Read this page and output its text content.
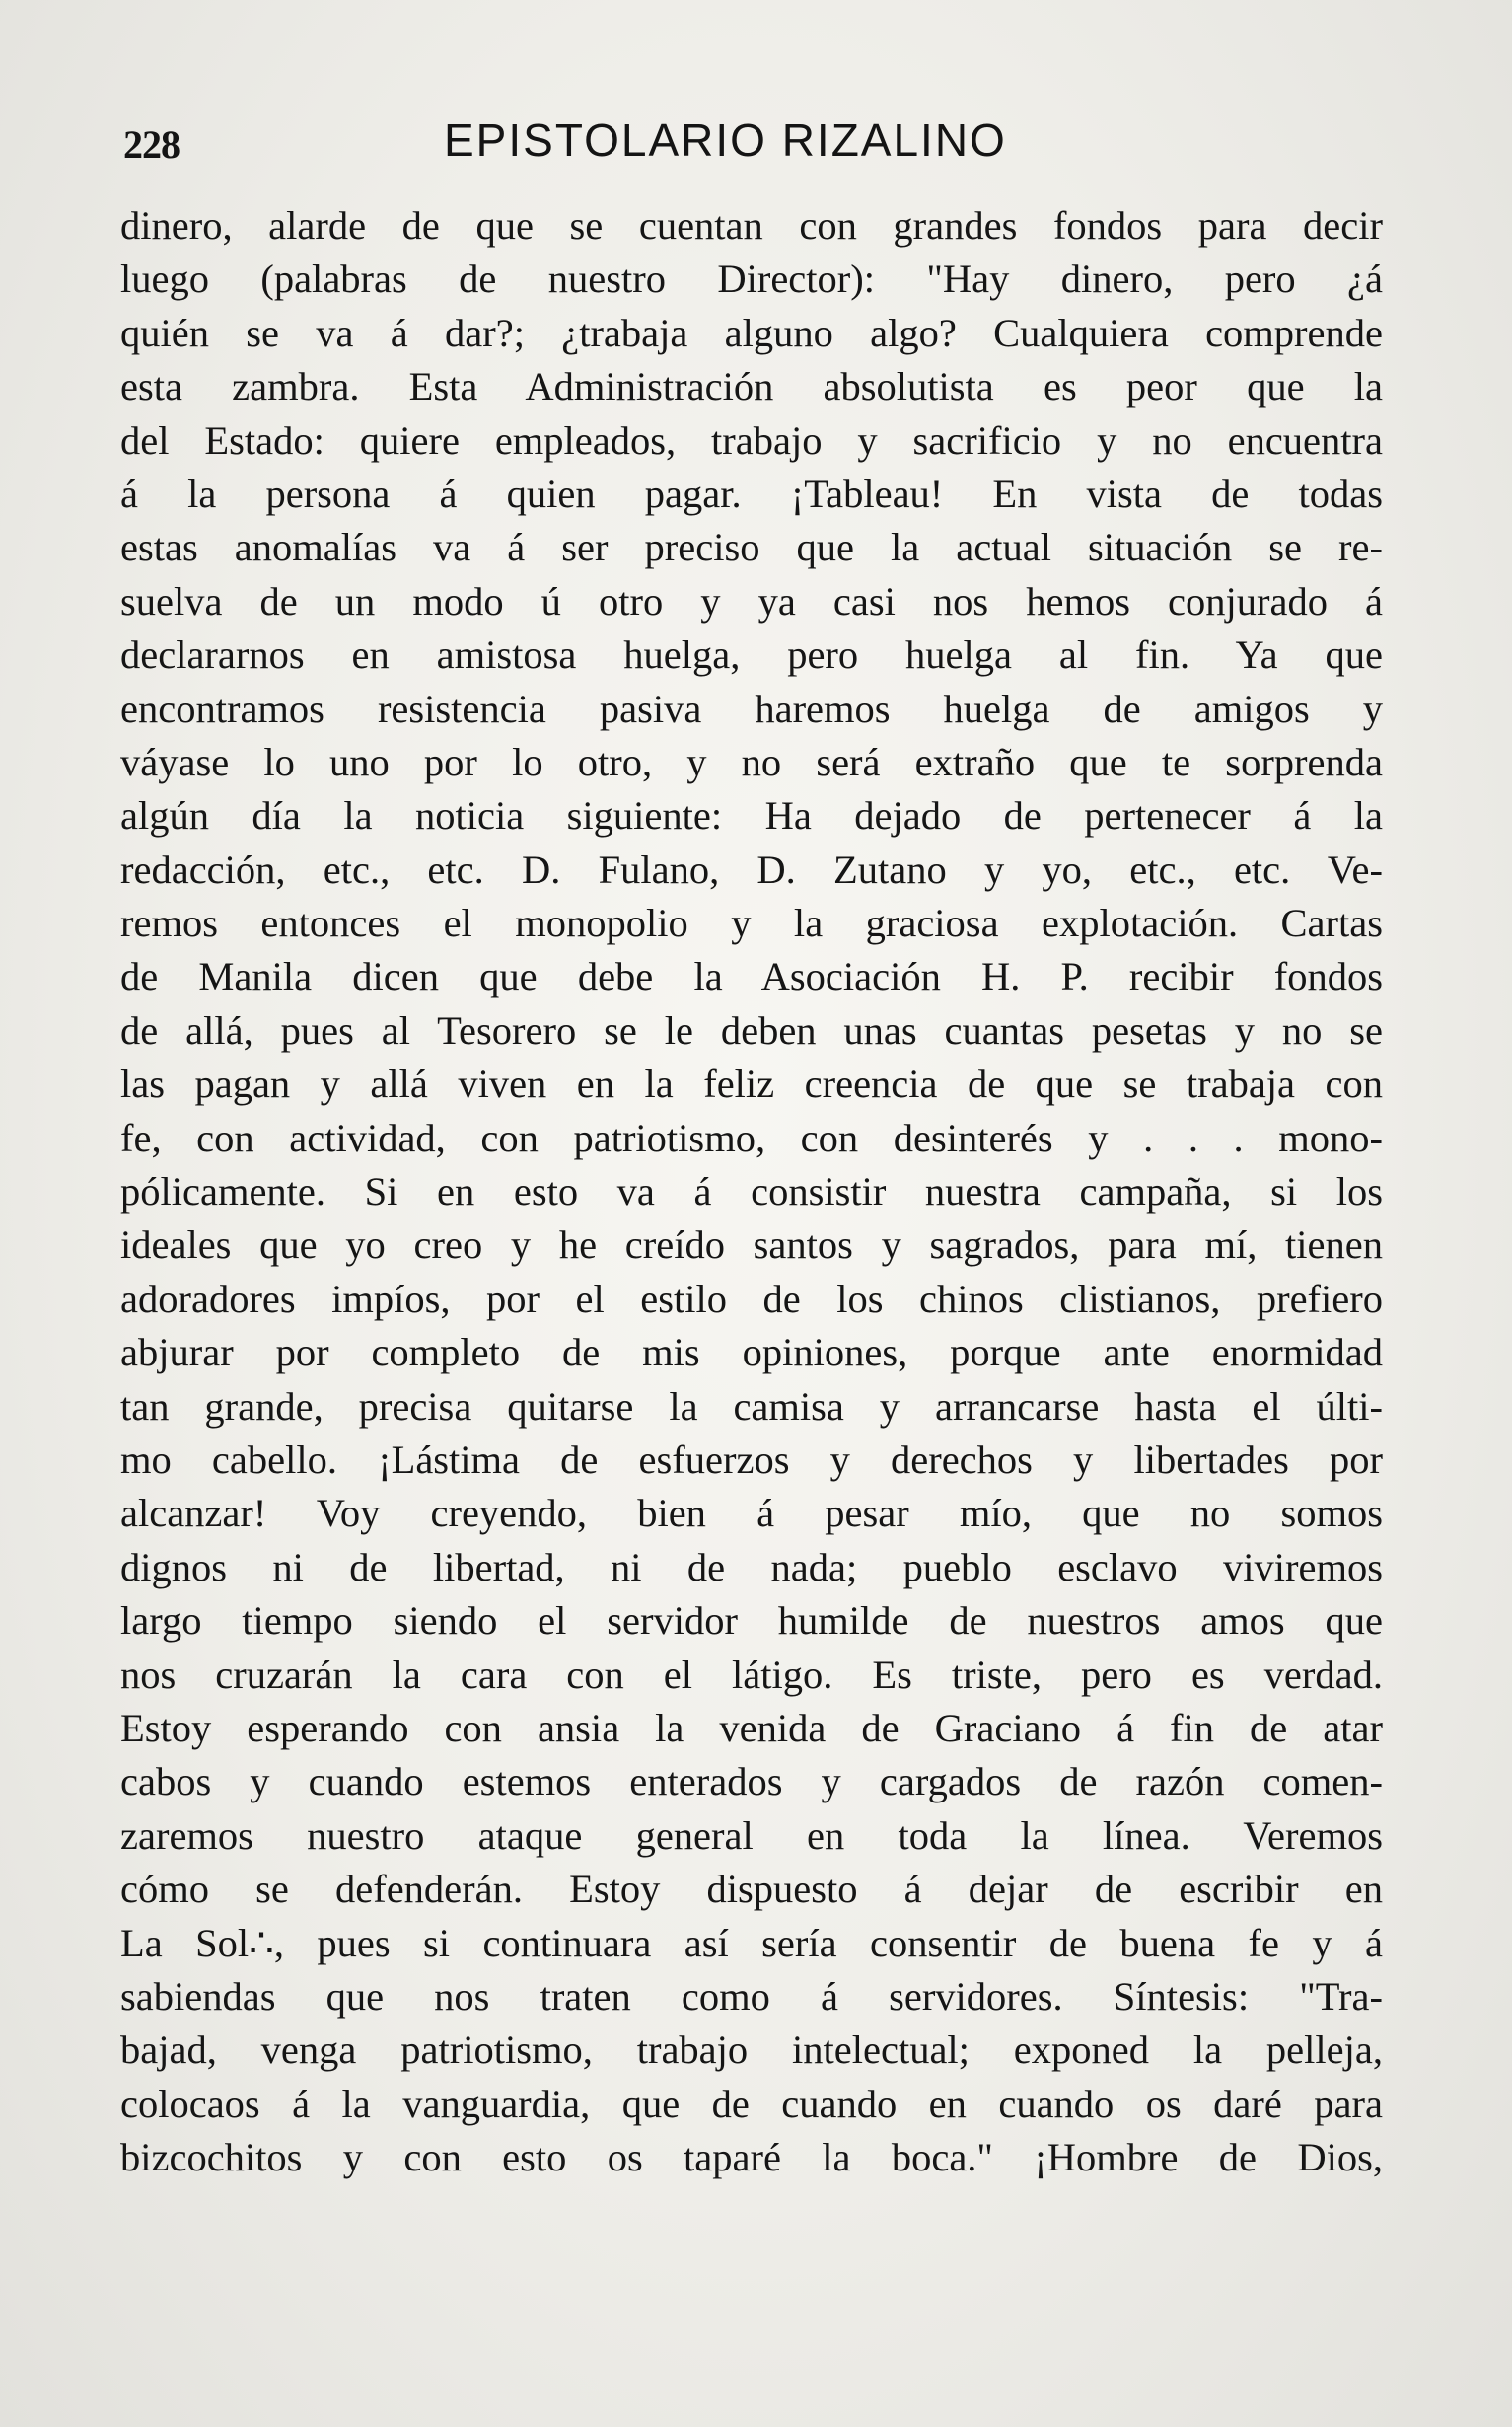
228	EPISTOLARIO RIZALINO
dinero, alarde de que se cuentan con grandes fondos para decir
luego (palabras de nuestro Director): "Hay dinero, pero ¿á
quién se va á dar?; ¿trabaja alguno algo? Cualquiera comprende
esta zambra. Esta Administración absolutista es peor que la
del Estado: quiere empleados, trabajo y sacrificio y no encuentra
á la persona á quien pagar. ¡Tableau! En vista de todas
estas anomalías va á ser preciso que la actual situación se re-
suelva de un modo ú otro y ya casi nos hemos conjurado á
declararnos en amistosa huelga, pero huelga al fin. Ya que
encontramos resistencia pasiva haremos huelga de amigos y
váyase lo uno por lo otro, y no será extraño que te sorprenda
algún día la noticia siguiente: Ha dejado de pertenecer á la
redacción, etc., etc. D. Fulano, D. Zutano y yo, etc., etc. Ve-
remos entonces el monopolio y la graciosa explotación. Cartas
de Manila dicen que debe la Asociación H. P. recibir fondos
de allá, pues al Tesorero se le deben unas cuantas pesetas y no se
las pagan y allá viven en la feliz creencia de que se trabaja con
fe, con actividad, con patriotismo, con desinterés y . . . mono-
pólicamente. Si en esto va á consistir nuestra campaña, si los
ideales que yo creo y he creído santos y sagrados, para mí, tienen
adoradores impíos, por el estilo de los chinos clistianos, prefiero
abjurar por completo de mis opiniones, porque ante enormidad
tan grande, precisa quitarse la camisa y arrancarse hasta el últi-
mo cabello. ¡Lástima de esfuerzos y derechos y libertades por
alcanzar! Voy creyendo, bien á pesar mío, que no somos
dignos ni de libertad, ni de nada; pueblo esclavo viviremos
largo tiempo siendo el servidor humilde de nuestros amos que
nos cruzarán la cara con el látigo. Es triste, pero es verdad.
Estoy esperando con ansia la venida de Graciano á fin de atar
cabos y cuando estemos enterados y cargados de razón comen-
zaremos nuestro ataque general en toda la línea. Veremos
cómo se defenderán. Estoy dispuesto á dejar de escribir en
La Sol∴, pues si continuara así sería consentir de buena fe y á
sabiendas que nos traten como á servidores. Síntesis: "Tra-
bajad, venga patriotismo, trabajo intelectual; exponed la pelleja,
colocaos á la vanguardia, que de cuando en cuando os daré para
bizcochitos y con esto os taparé la boca." ¡Hombre de Dios,
